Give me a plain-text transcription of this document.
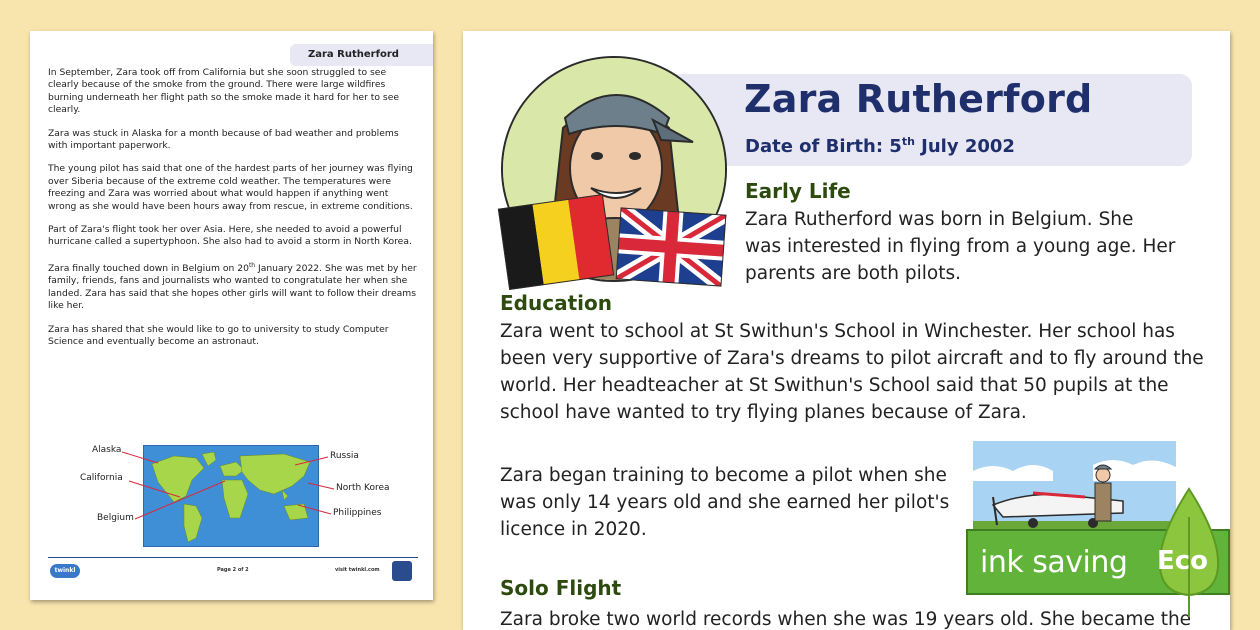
Zara Rutherford

In September, Zara took off from California but she soon struggled to see clearly because of the smoke from the ground. There were large wildfires burning underneath her flight path so the smoke made it hard for her to see clearly.

Zara was stuck in Alaska for a month because of bad weather and problems with important paperwork.

The young pilot has said that one of the hardest parts of her journey was flying over Siberia because of the extreme cold weather. The temperatures were freezing and Zara was worried about what would happen if anything went wrong as she would have been hours away from rescue, in extreme conditions.

Part of Zara's flight took her over Asia. Here, she needed to avoid a powerful hurricane called a supertyphoon. She also had to avoid a storm in North Korea.

Zara finally touched down in Belgium on 20th January 2022. She was met by her family, friends, fans and journalists who wanted to congratulate her when she landed. Zara has said that she hopes other girls will want to follow their dreams like her.

Zara has shared that she would like to go to university to study Computer Science and eventually become an astronaut.

Alaska
California
Belgium
Russia
North Korea
Philippines
twinkl	Page 2 of 2	visit twinkl.com
Zara Rutherford
Date of Birth: 5th July 2002
Early Life
Zara Rutherford was born in Belgium. She
was interested in flying from a young age. Her
parents are both pilots.
Education
Zara went to school at St Swithun's School in Winchester. Her school has
been very supportive of Zara's dreams to pilot aircraft and to fly around the
world. Her headteacher at St Swithun's School said that 50 pupils at the
school have wanted to try flying planes because of Zara.
Zara began training to become a pilot when she
was only 14 years old and she earned her pilot's
licence in 2020.
Solo Flight
Zara broke two world records when she was 19 years old. She became the
ink saving Eco
